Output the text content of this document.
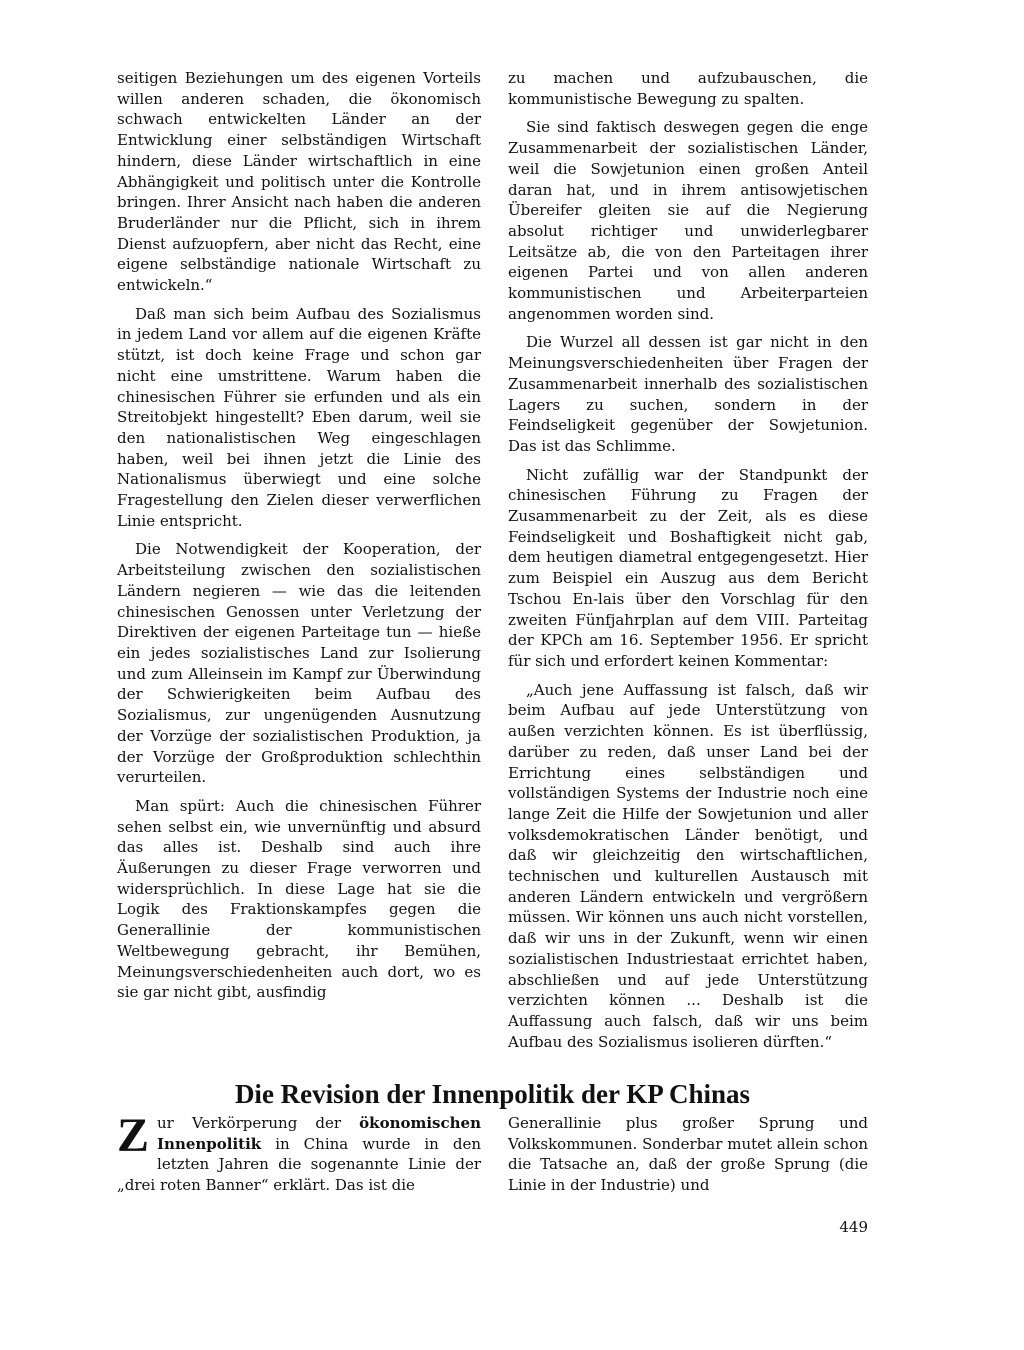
seitigen Beziehungen um des eigenen Vorteils willen anderen schaden, die ökonomisch schwach entwickelten Länder an der Entwicklung einer selbständigen Wirtschaft hindern, diese Länder wirtschaftlich in eine Abhängigkeit und politisch unter die Kontrolle bringen. Ihrer Ansicht nach haben die anderen Bruderländer nur die Pflicht, sich in ihrem Dienst aufzuopfern, aber nicht das Recht, eine eigene selbständige nationale Wirtschaft zu entwickeln.“

Daß man sich beim Aufbau des Sozialismus in jedem Land vor allem auf die eigenen Kräfte stützt, ist doch keine Frage und schon gar nicht eine umstrittene. Warum haben die chinesischen Führer sie erfunden und als ein Streitobjekt hingestellt? Eben darum, weil sie den nationalistischen Weg eingeschlagen haben, weil bei ihnen jetzt die Linie des Nationalismus überwiegt und eine solche Fragestellung den Zielen dieser verwerflichen Linie entspricht.

Die Notwendigkeit der Kooperation, der Arbeitsteilung zwischen den sozialistischen Ländern negieren — wie das die leitenden chinesischen Genossen unter Verletzung der Direktiven der eigenen Parteitage tun — hieße ein jedes sozialistisches Land zur Isolierung und zum Alleinsein im Kampf zur Überwindung der Schwierigkeiten beim Aufbau des Sozialismus, zur ungenügenden Ausnutzung der Vorzüge der sozialistischen Produktion, ja der Vorzüge der Großproduktion schlechthin verurteilen.

Man spürt: Auch die chinesischen Führer sehen selbst ein, wie unvernünftig und absurd das alles ist. Deshalb sind auch ihre Äußerungen zu dieser Frage verworren und widersprüchlich. In diese Lage hat sie die Logik des Fraktionskampfes gegen die Generallinie der kommunistischen Weltbewegung gebracht, ihr Bemühen, Meinungsverschiedenheiten auch dort, wo es sie gar nicht gibt, ausfindig

zu machen und aufzubauschen, die kommunistische Bewegung zu spalten.

Sie sind faktisch deswegen gegen die enge Zusammenarbeit der sozialistischen Länder, weil die Sowjetunion einen großen Anteil daran hat, und in ihrem antisowjetischen Übereifer gleiten sie auf die Negierung absolut richtiger und unwiderlegbarer Leitsätze ab, die von den Parteitagen ihrer eigenen Partei und von allen anderen kommunistischen und Arbeiterparteien angenommen worden sind.

Die Wurzel all dessen ist gar nicht in den Meinungsverschiedenheiten über Fragen der Zusammenarbeit innerhalb des sozialistischen Lagers zu suchen, sondern in der Feindseligkeit gegenüber der Sowjetunion. Das ist das Schlimme.

Nicht zufällig war der Standpunkt der chinesischen Führung zu Fragen der Zusammenarbeit zu der Zeit, als es diese Feindseligkeit und Boshaftigkeit nicht gab, dem heutigen diametral entgegengesetzt. Hier zum Beispiel ein Auszug aus dem Bericht Tschou En-lais über den Vorschlag für den zweiten Fünfjahrplan auf dem VIII. Parteitag der KPCh am 16. September 1956. Er spricht für sich und erfordert keinen Kommentar:

„Auch jene Auffassung ist falsch, daß wir beim Aufbau auf jede Unterstützung von außen verzichten können. Es ist überflüssig, darüber zu reden, daß unser Land bei der Errichtung eines selbständigen und vollständigen Systems der Industrie noch eine lange Zeit die Hilfe der Sowjetunion und aller volksdemokratischen Länder benötigt, und daß wir gleichzeitig den wirtschaftlichen, technischen und kulturellen Austausch mit anderen Ländern entwickeln und vergrößern müssen. Wir können uns auch nicht vorstellen, daß wir uns in der Zukunft, wenn wir einen sozialistischen Industriestaat errichtet haben, abschließen und auf jede Unterstützung verzichten können ... Deshalb ist die Auffassung auch falsch, daß wir uns beim Aufbau des Sozialismus isolieren dürften.“

Die Revision der Innenpolitik der KP Chinas

Zur Verkörperung der ökonomischen Innenpolitik in China wurde in den letzten Jahren die sogenannte Linie der „drei roten Banner“ erklärt. Das ist die

Generallinie plus großer Sprung und Volkskommunen. Sonderbar mutet allein schon die Tatsache an, daß der große Sprung (die Linie in der Industrie) und

449
